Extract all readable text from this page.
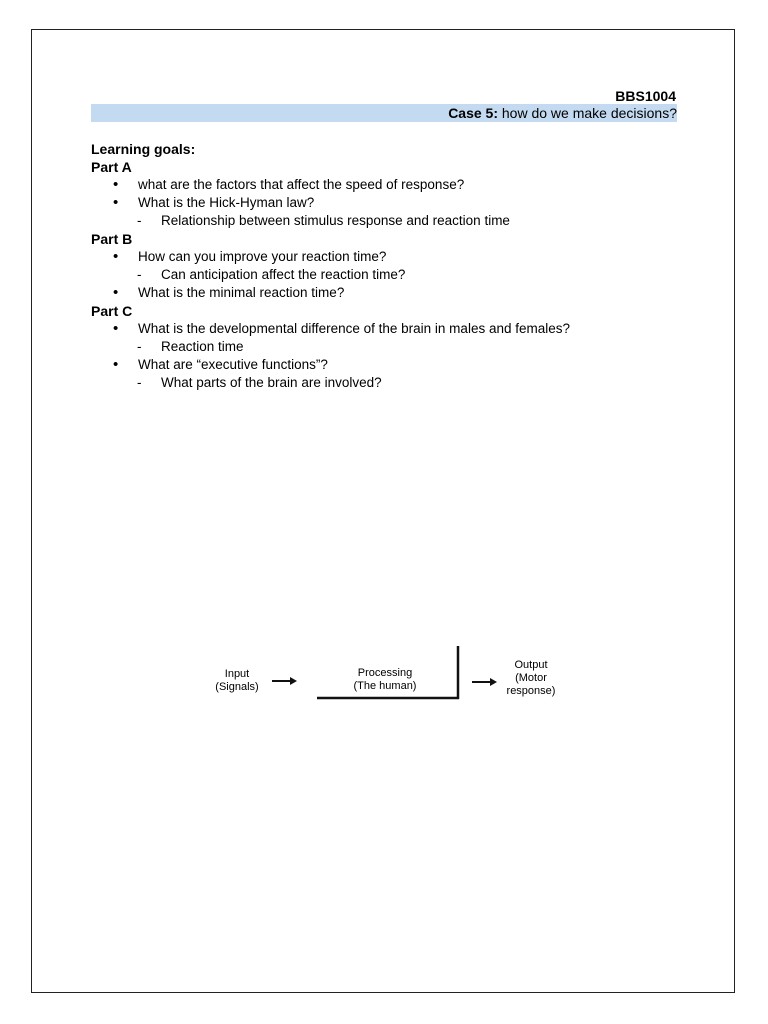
BBS1004
Case 5: how do we make decisions?
Learning goals:
Part A
• what are the factors that affect the speed of response?
• What is the Hick-Hyman law?
- Relationship between stimulus response and reaction time
Part B
• How can you improve your reaction time?
- Can anticipation affect the reaction time?
• What is the minimal reaction time?
Part C
• What is the developmental difference of the brain in males and females?
- Reaction time
• What are “executive functions”?
- What parts of the brain are involved?
Input
(Signals)
Processing
(The human)
Output
(Motor
response)
